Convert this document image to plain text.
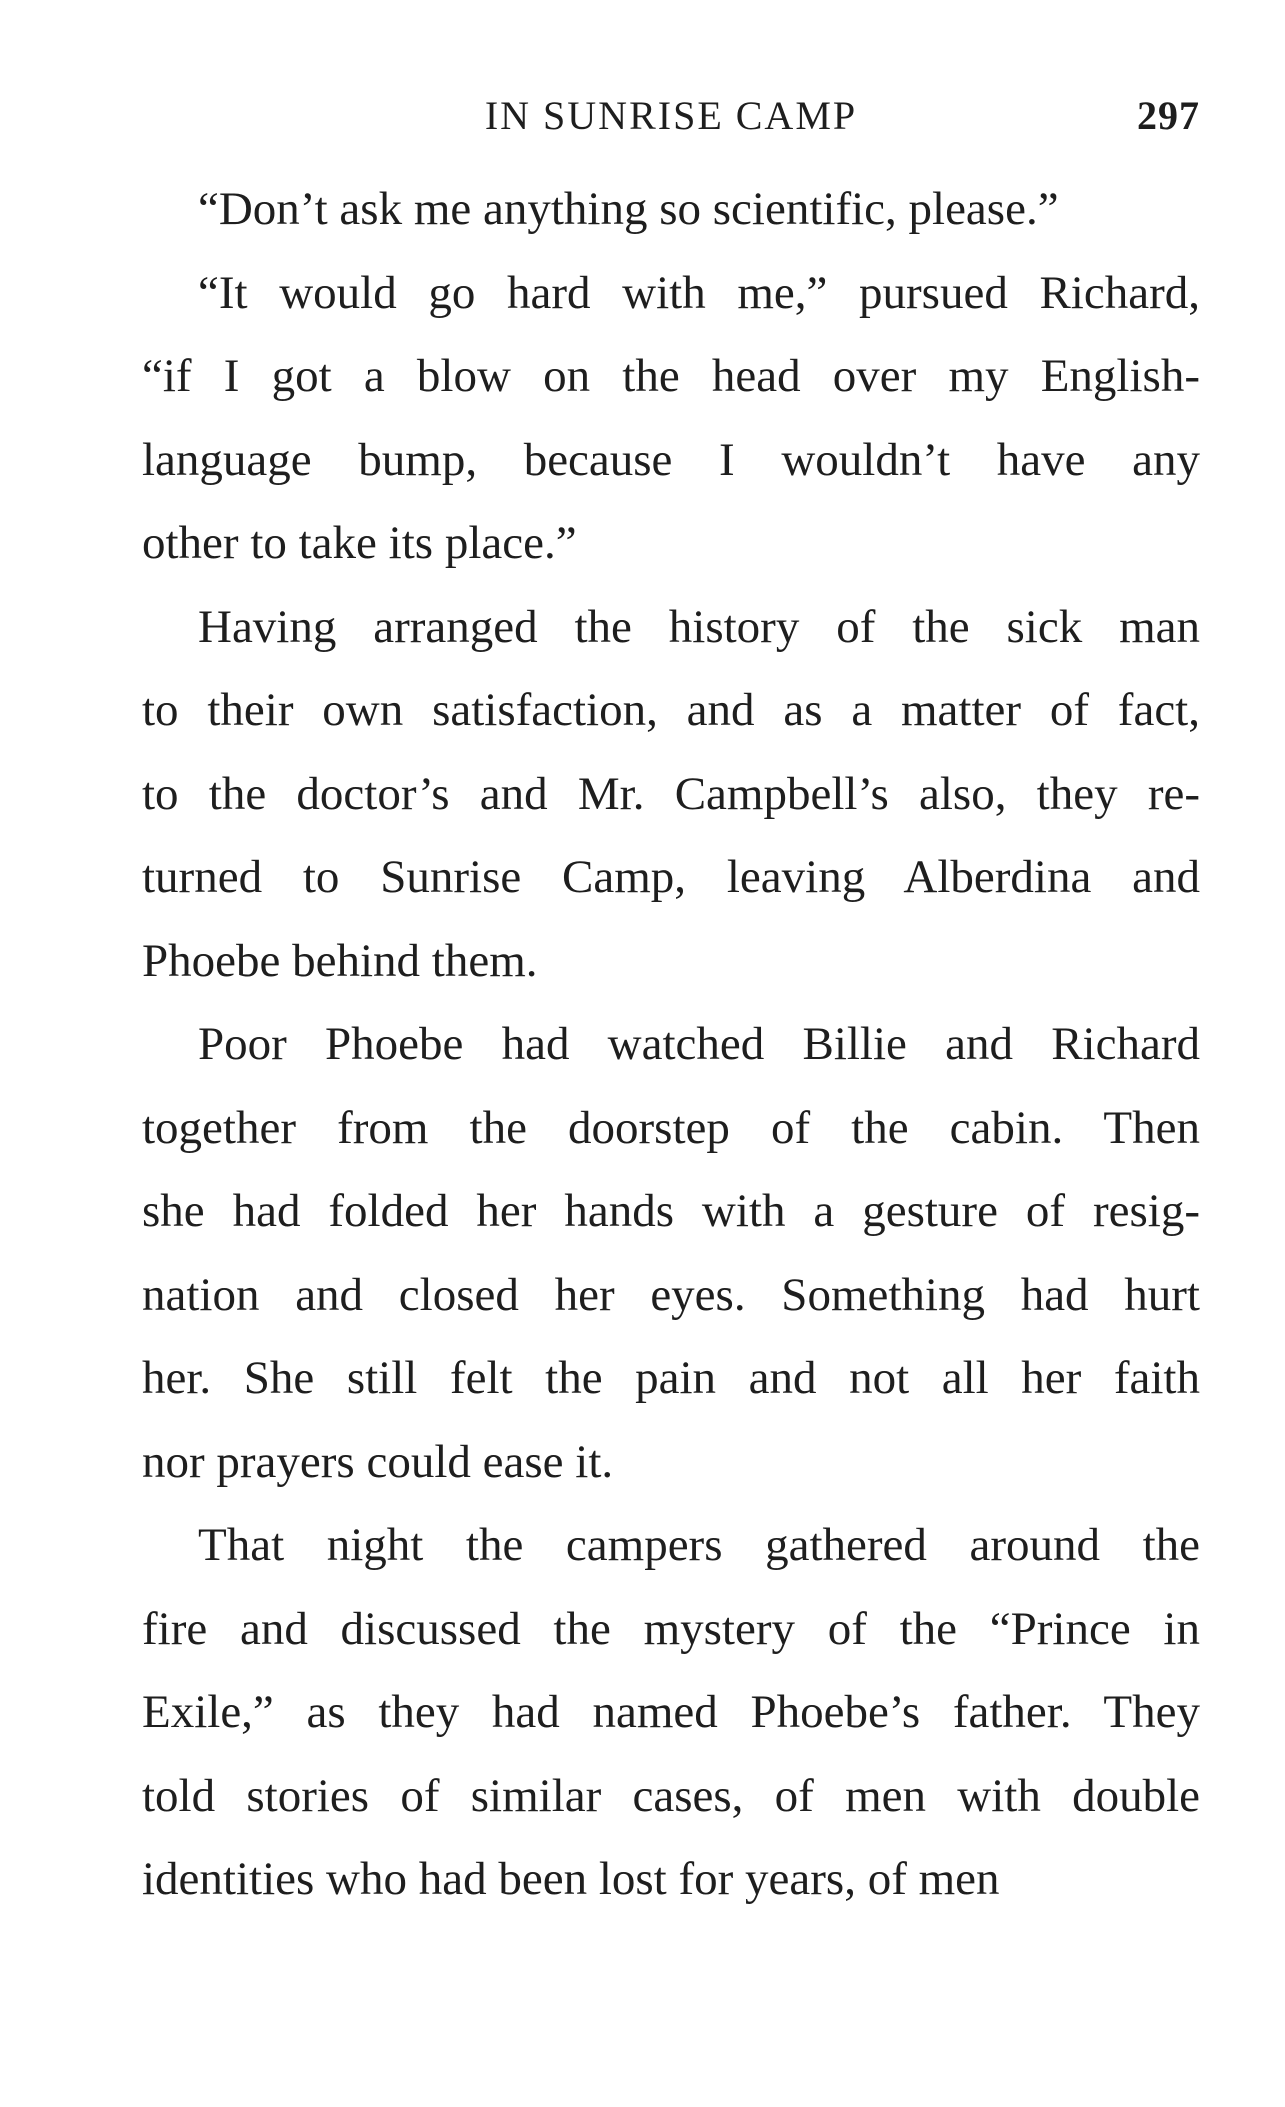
IN SUNRISE CAMP	297
“Don’t ask me anything so scientific, please.”
“It would go hard with me,” pursued Richard,
“if I got a blow on the head over my English-
language bump, because I wouldn’t have any
other to take its place.”
Having arranged the history of the sick man
to their own satisfaction, and as a matter of fact,
to the doctor’s and Mr. Campbell’s also, they re-
turned to Sunrise Camp, leaving Alberdina and
Phoebe behind them.
Poor Phoebe had watched Billie and Richard
together from the doorstep of the cabin. Then
she had folded her hands with a gesture of resig-
nation and closed her eyes. Something had hurt
her. She still felt the pain and not all her faith
nor prayers could ease it.
That night the campers gathered around the
fire and discussed the mystery of the “Prince in
Exile,” as they had named Phoebe’s father. They
told stories of similar cases, of men with double
identities who had been lost for years, of men
